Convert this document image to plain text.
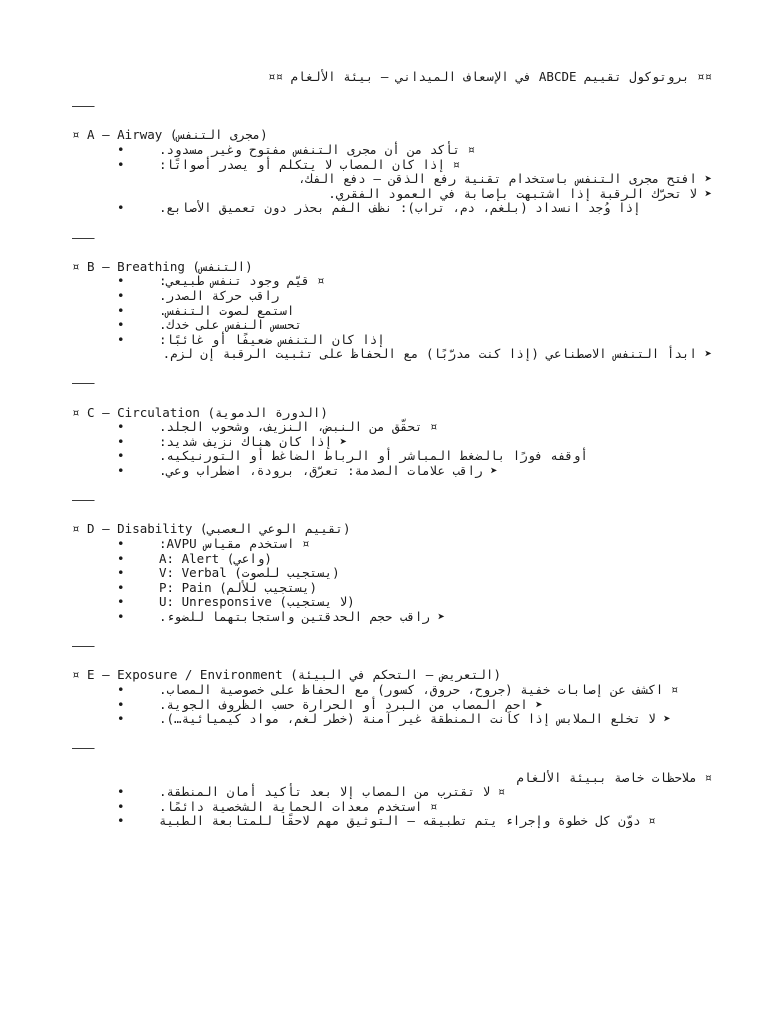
¤¤ بروتوكول تقييم ABCDE في الإسعاف الميداني – بيئة الألغام ¤¤
———
¤ A – Airway (مجرى التنفس)
•	¤ تأكد من أن مجرى التنفس مفتوح وغير مسدود.
•	¤ إذا كان المصاب لا يتكلم أو يصدر أصواتًا:
➤ افتح مجرى التنفس باستخدام تقنية رفع الذقن – دفع الفك،
➤ لا تحرّك الرقبة إذا اشتبهت بإصابة في العمود الفقري.
•	إذا وُجد انسداد (بلغم، دم، تراب): نظف الفم بحذر دون تعميق الأصابع.
———
¤ B – Breathing (التنفس)
•	¤ قيّم وجود تنفس طبيعي:
•	راقب حركة الصدر.
•	استمع لصوت التنفس.
•	تحسس النفس على خدك.
•	إذا كان التنفس ضعيفًا أو غائبًا:
➤ ابدأ التنفس الاصطناعي (إذا كنت مدرّبًا) مع الحفاظ على تثبيت الرقبة إن لزم.
———
¤ C – Circulation (الدورة الدموية)
•	¤ تحقّق من النبض، النزيف، وشحوب الجلد.
•	➤ إذا كان هناك نزيف شديد:
•	أوقفه فورًا بالضغط المباشر أو الرباط الضاغط أو التورنيكيه.
•	➤ راقب علامات الصدمة: تعرّق، برودة، اضطراب وعي.
———
¤ D – Disability (تقييم الوعي العصبي)
•	¤ استخدم مقياس AVPU:
•	A: Alert (واعي)
•	V: Verbal (يستجيب للصوت)
•	P: Pain (يستجيب للألم)
•	U: Unresponsive (لا يستجيب)
•	➤ راقب حجم الحدقتين واستجابتهما للضوء.
———
¤ E – Exposure / Environment (التعريض – التحكم في البيئة)
•	¤ اكشف عن إصابات خفية (جروح، حروق، كسور) مع الحفاظ على خصوصية المصاب.
•	➤ احمِ المصاب من البرد أو الحرارة حسب الظروف الجوية.
•	➤ لا تخلع الملابس إذا كانت المنطقة غير آمنة (خطر لغم، مواد كيميائية…).
———
¤ ملاحظات خاصة ببيئة الألغام
•	¤ لا تقترب من المصاب إلا بعد تأكيد أمان المنطقة.
•	¤ استخدم معدات الحماية الشخصية دائمًا.
•	¤ دوّن كل خطوة وإجراء يتم تطبيقه – التوثيق مهم لاحقًا للمتابعة الطبية
